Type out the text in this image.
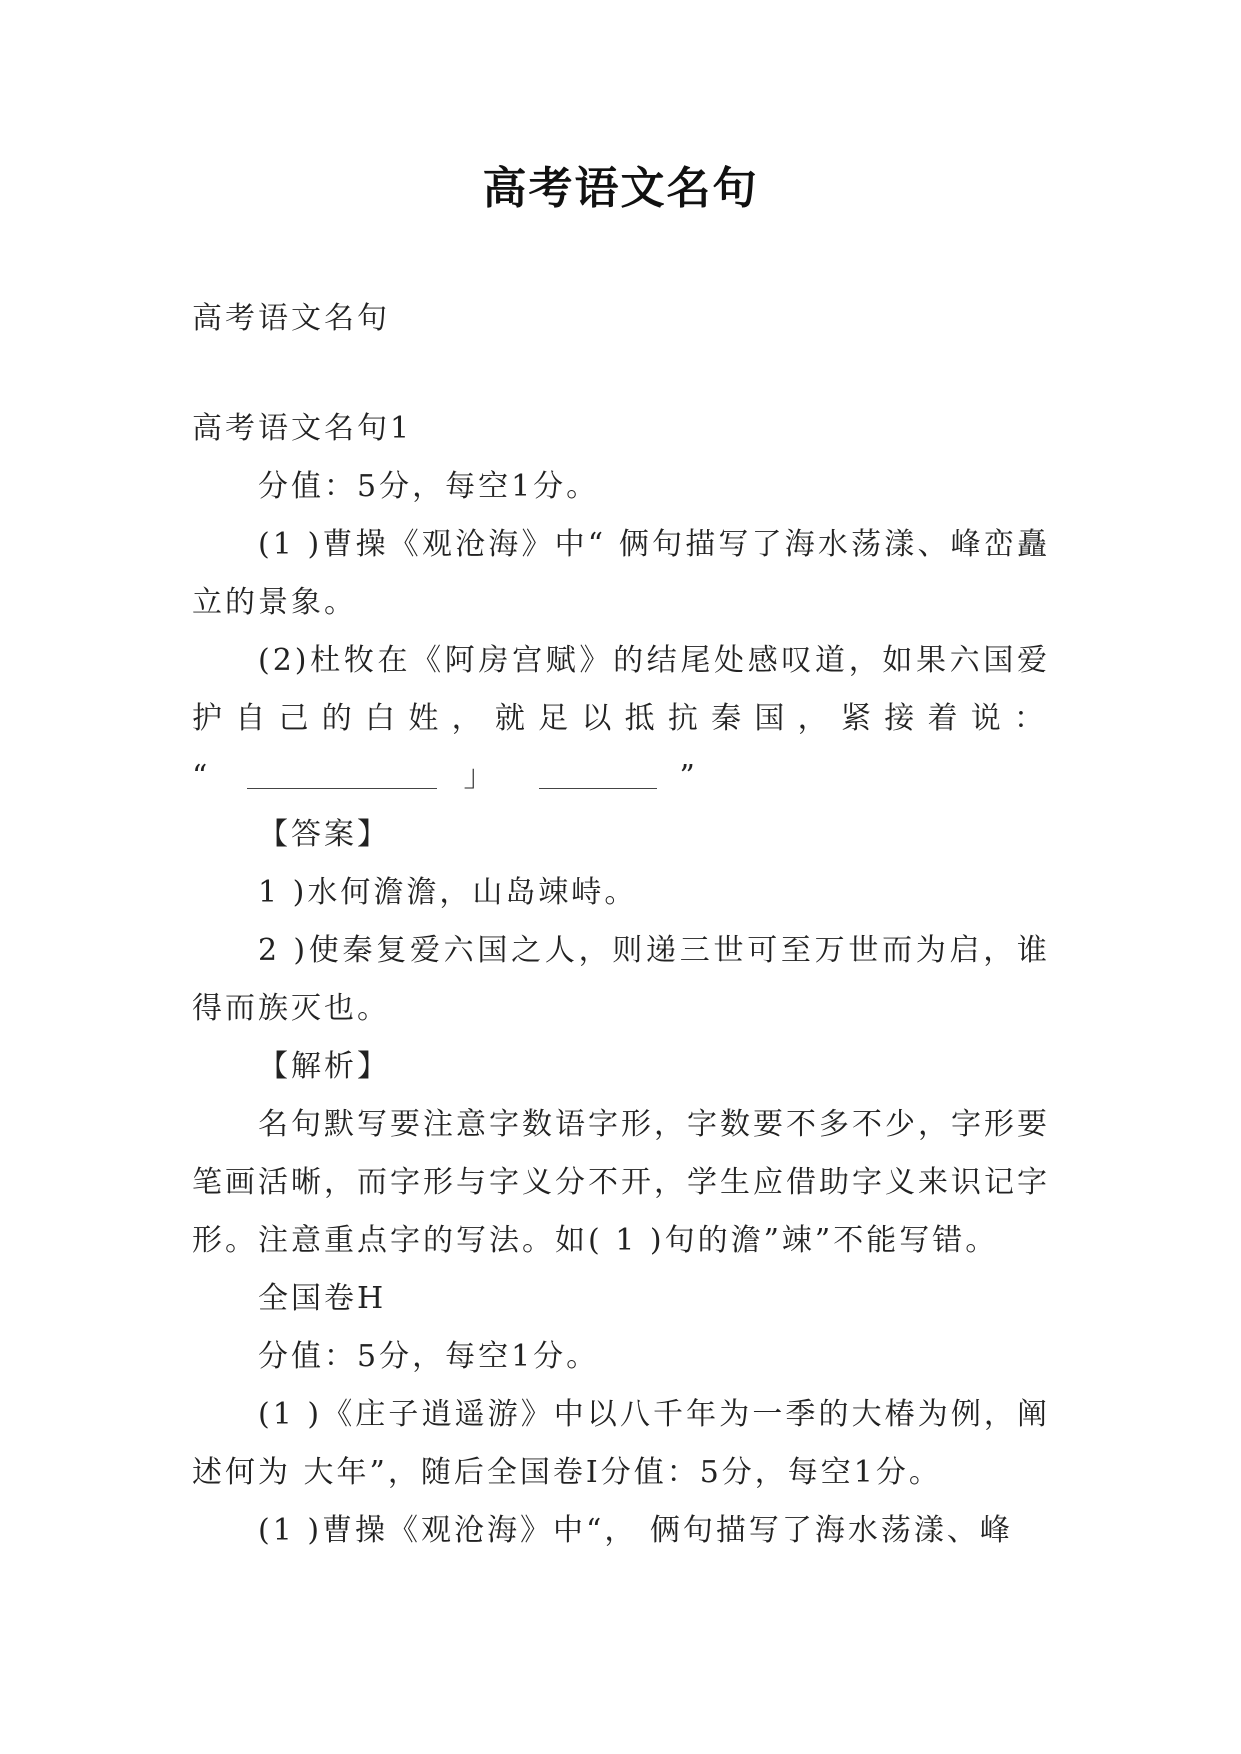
高考语文名句
高考语文名句
高考语文名句1
分值：5分，每空1分。
(1 )曹操《观沧海》中“ 俩句描写了海水荡漾、峰峦矗立的景象。
(2)杜牧在《阿房宫赋》的结尾处感叹道，如果六国爱
护自己的白姓，就足以抵抗秦国，紧接着说：
“	」	”
【答案】
1 )水何澹澹，山岛竦峙。
2 )使秦复爱六国之人，则递三世可至万世而为启，谁得而族灭也。
【解析】
名句默写要注意字数语字形，字数要不多不少，字形要笔画活晰，而字形与字义分不开，学生应借助字义来识记字形。注意重点字的写法。如( 1 )句的澹”竦”不能写错。
全国卷H
分值：5分，每空1分。
(1 )《庄子逍遥游》中以八千年为一季的大椿为例，阐述何为 大年”，随后全国卷I分值：5分，每空1分。
(1 )曹操《观沧海》中“， 俩句描写了海水荡漾、峰
